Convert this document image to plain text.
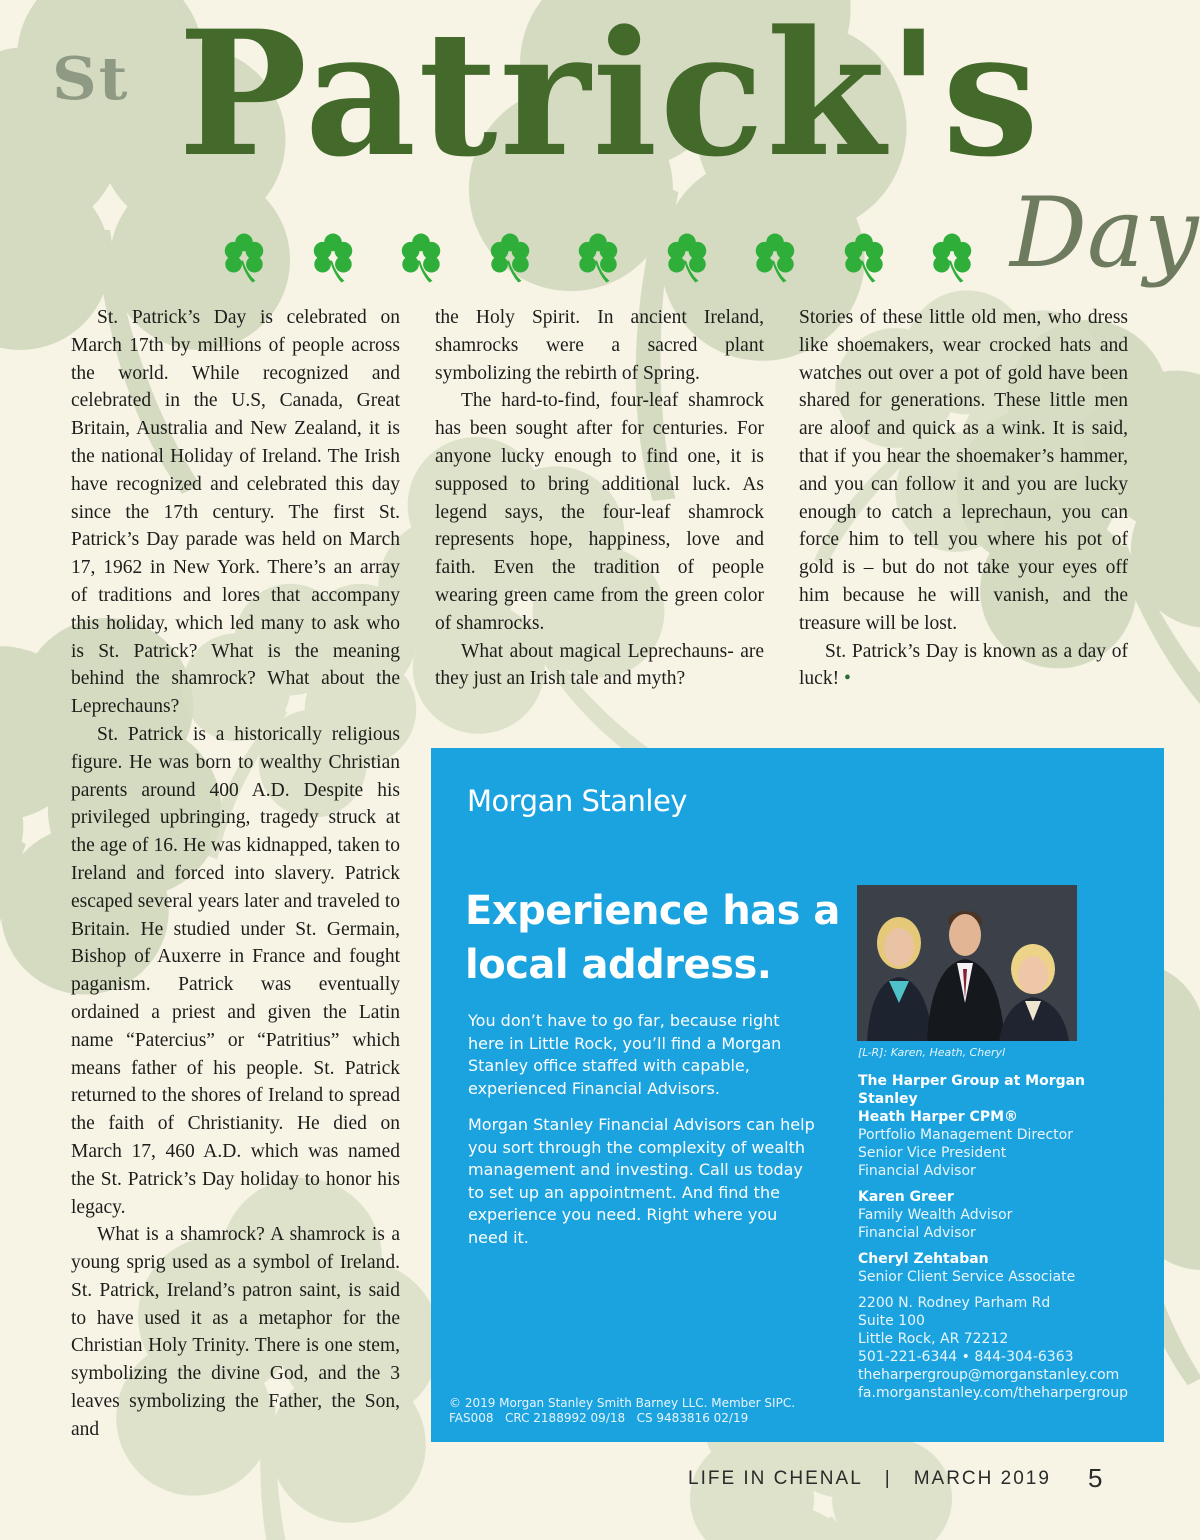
St Patrick's
Day

St. Patrick’s Day is celebrated on March 17th by millions of people across the world. While recognized and celebrated in the U.S, Canada, Great Britain, Australia and New Zealand, it is the national Holiday of Ireland. The Irish have recognized and celebrated this day since the 17th century. The first St. Patrick’s Day parade was held on March 17, 1962 in New York. There’s an array of traditions and lores that accompany this holiday, which led many to ask who is St. Patrick? What is the meaning behind the shamrock? What about the Leprechauns?

St. Patrick is a historically religious figure. He was born to wealthy Christian parents around 400 A.D. Despite his privileged upbringing, tragedy struck at the age of 16. He was kidnapped, taken to Ireland and forced into slavery. Patrick escaped several years later and traveled to Britain. He studied under St. Germain, Bishop of Auxerre in France and fought paganism. Patrick was eventually ordained a priest and given the Latin name “Patercius” or “Patritius” which means father of his people. St. Patrick returned to the shores of Ireland to spread the faith of Christianity. He died on March 17, 460 A.D. which was named the St. Patrick’s Day holiday to honor his legacy.

What is a shamrock? A shamrock is a young sprig used as a symbol of Ireland. St. Patrick, Ireland’s patron saint, is said to have used it as a metaphor for the Christian Holy Trinity. There is one stem, symbolizing the divine God, and the 3 leaves symbolizing the Father, the Son, and

the Holy Spirit. In ancient Ireland, shamrocks were a sacred plant symbolizing the rebirth of Spring.

The hard-to-find, four-leaf shamrock has been sought after for centuries. For anyone lucky enough to find one, it is supposed to bring additional luck. As legend says, the four-leaf shamrock represents hope, happiness, love and faith. Even the tradition of people wearing green came from the green color of shamrocks.

What about magical Leprechauns- are they just an Irish tale and myth?

Stories of these little old men, who dress like shoemakers, wear crocked hats and watches out over a pot of gold have been shared for generations. These little men are aloof and quick as a wink. It is said, that if you hear the shoemaker’s hammer, and you can follow it and you are lucky enough to catch a leprechaun, you can force him to tell you where his pot of gold is – but do not take your eyes off him because he will vanish, and the treasure will be lost.

St. Patrick’s Day is known as a day of luck! •

Morgan Stanley
Experience has a local address.

You don’t have to go far, because right here in Little Rock, you’ll find a Morgan Stanley office staffed with capable, experienced Financial Advisors.

Morgan Stanley Financial Advisors can help you sort through the complexity of wealth management and investing. Call us today to set up an appointment. And find the experience you need. Right where you need it.

[L-R]: Karen, Heath, Cheryl
The Harper Group at Morgan Stanley
Heath Harper CPM®
Portfolio Management Director
Senior Vice President
Financial Advisor
Karen Greer
Family Wealth Advisor
Financial Advisor
Cheryl Zehtaban
Senior Client Service Associate
2200 N. Rodney Parham Rd
Suite 100
Little Rock, AR 72212
501-221-6344 • 844-304-6363
theharpergroup@morganstanley.com
fa.morganstanley.com/theharpergroup
© 2019 Morgan Stanley Smith Barney LLC. Member SIPC.
FAS008   CRC 2188992 09/18   CS 9483816 02/19
LIFE IN CHENAL | MARCH 2019 5
